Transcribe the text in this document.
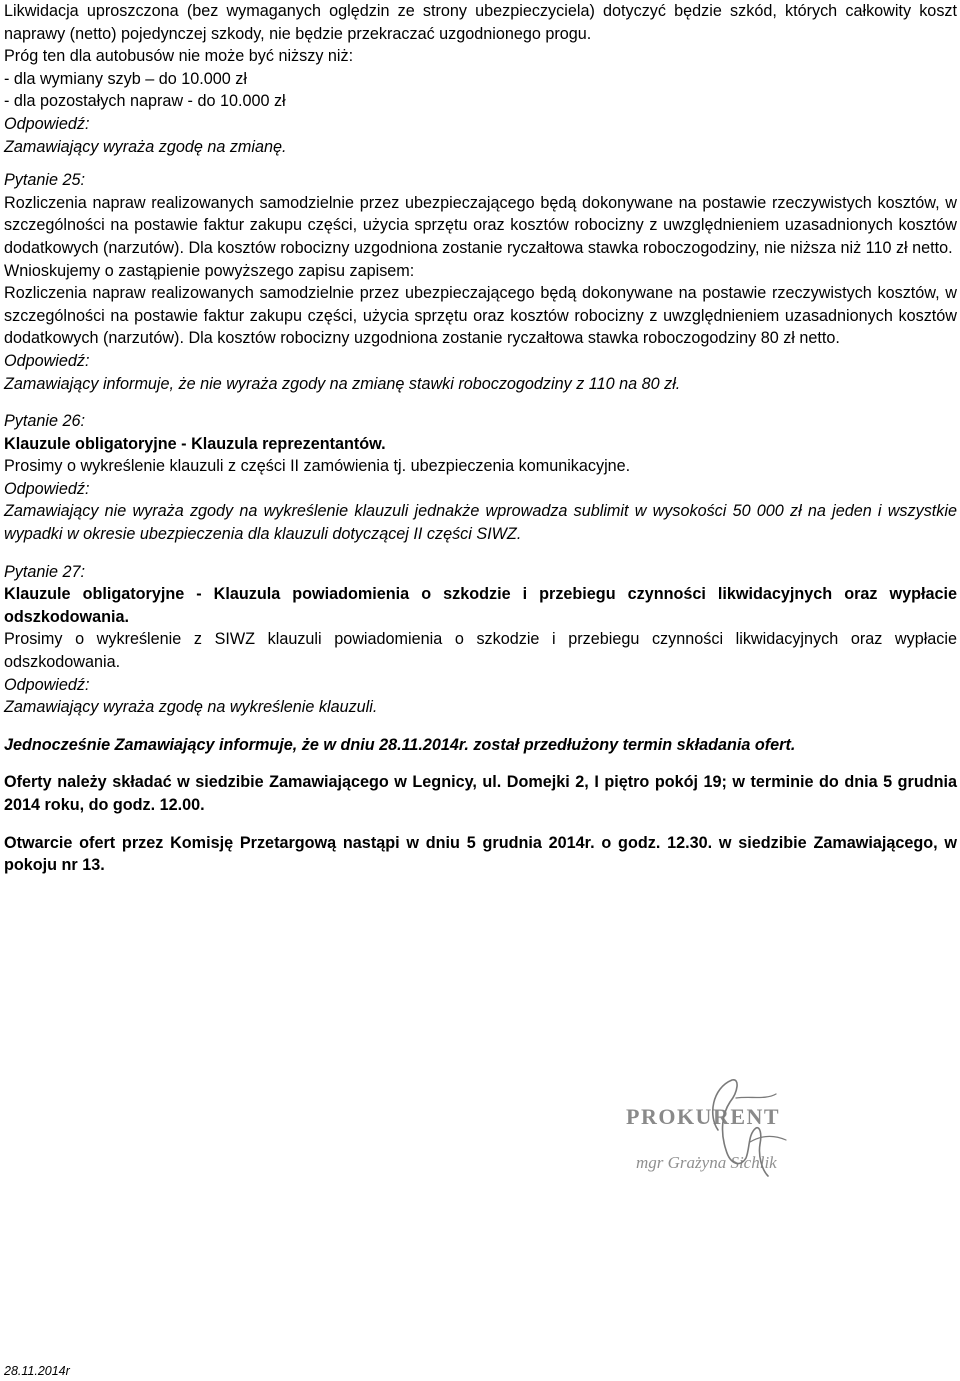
Likwidacja uproszczona (bez wymaganych oględzin ze strony ubezpieczyciela) dotyczyć będzie szkód, których całkowity koszt naprawy (netto) pojedynczej szkody, nie będzie przekraczać uzgodnionego progu.

Próg ten dla autobusów nie może być niższy niż:

- dla wymiany szyb – do 10.000 zł

- dla pozostałych napraw - do 10.000 zł

Odpowiedź:

Zamawiający wyraża zgodę na zmianę.

Pytanie 25:

Rozliczenia napraw realizowanych samodzielnie przez ubezpieczającego będą dokonywane na postawie rzeczywistych kosztów, w szczególności na postawie faktur zakupu części, użycia sprzętu oraz kosztów robocizny z uwzględnieniem uzasadnionych kosztów dodatkowych (narzutów). Dla kosztów robocizny uzgodniona zostanie ryczałtowa stawka roboczogodziny, nie niższa niż 110 zł netto.

Wnioskujemy o zastąpienie powyższego zapisu zapisem:

Rozliczenia napraw realizowanych samodzielnie przez ubezpieczającego będą dokonywane na postawie rzeczywistych kosztów, w szczególności na postawie faktur zakupu części, użycia sprzętu oraz kosztów robocizny z uwzględnieniem uzasadnionych kosztów dodatkowych (narzutów). Dla kosztów robocizny uzgodniona zostanie ryczałtowa stawka roboczogodziny 80 zł netto.

Odpowiedź:

Zamawiający informuje, że nie wyraża zgody na zmianę stawki roboczogodziny z 110 na 80 zł.

Pytanie 26:

Klauzule obligatoryjne - Klauzula reprezentantów.

Prosimy o wykreślenie klauzuli z części II zamówienia tj. ubezpieczenia komunikacyjne.

Odpowiedź:

Zamawiający nie wyraża zgody na wykreślenie klauzuli jednakże wprowadza sublimit w wysokości 50 000 zł na jeden i wszystkie wypadki w okresie ubezpieczenia dla klauzuli dotyczącej II części SIWZ.

Pytanie 27:

Klauzule obligatoryjne - Klauzula powiadomienia o szkodzie i przebiegu czynności likwidacyjnych oraz wypłacie odszkodowania.

Prosimy o wykreślenie z SIWZ klauzuli powiadomienia o szkodzie i przebiegu czynności likwidacyjnych oraz wypłacie odszkodowania.

Odpowiedź:

Zamawiający wyraża zgodę na wykreślenie klauzuli.

Jednocześnie Zamawiający informuje, że w dniu 28.11.2014r. został przedłużony termin składania ofert.

Oferty należy składać w siedzibie Zamawiającego w Legnicy, ul. Domejki 2, I piętro pokój 19; w terminie do dnia 5 grudnia 2014 roku, do godz. 12.00.

Otwarcie ofert przez Komisję Przetargową nastąpi w dniu 5 grudnia 2014r. o godz. 12.30. w siedzibie Zamawiającego, w pokoju nr 13.

PROKURENT
mgr Grażyna Sichlik
28.11.2014r
